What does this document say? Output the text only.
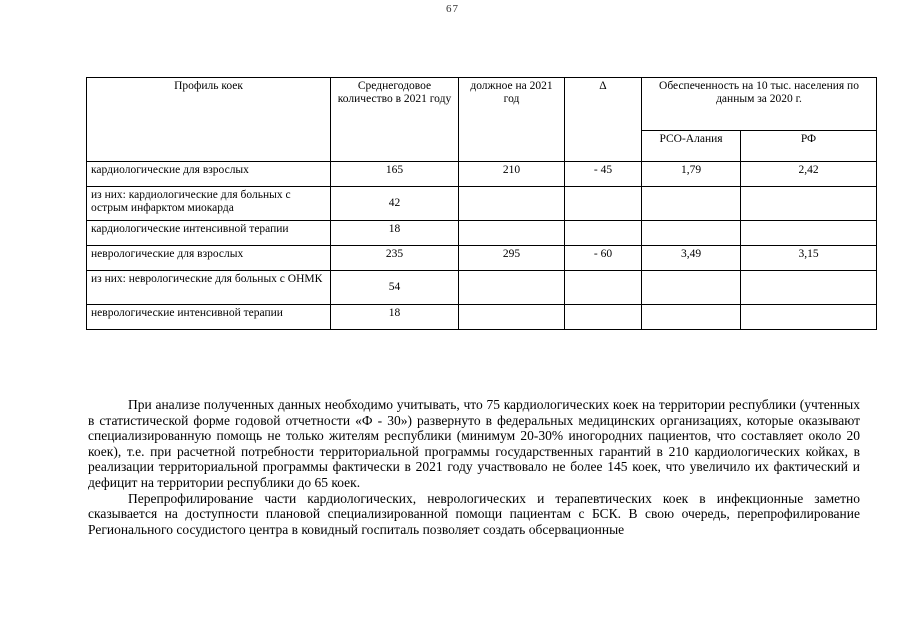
67
Профиль коек	Среднегодовое количество в 2021 году	должное на 2021 год	Δ	Обеспеченность на 10 тыс. населения по данным за 2020 г.	
				РСО-Алания	РФ
кардиологические для взрослых	165	210	- 45	1,79	2,42
из них: кардиологические для больных с острым инфарктом миокарда	42				
кардиологические интенсивной терапии	18				
неврологические для взрослых	235	295	- 60	3,49	3,15
из них: неврологические для больных с ОНМК	54				
неврологические интенсивной терапии	18				

При анализе полученных данных необходимо учитывать, что 75 кардиологических коек на территории республики (учтенных в статистической форме годовой отчетности «Ф - 30») развернуто в федеральных медицинских организациях, которые оказывают специализированную помощь не только жителям республики (минимум 20-30% иногородних пациентов, что составляет около 20 коек), т.е. при расчетной потребности территориальной программы государственных гарантий в 210 кардиологических койках, в реализации территориальной программы фактически в 2021 году участвовало не более 145 коек, что увеличило их фактический и дефицит на территории республики до 65 коек.

Перепрофилирование части кардиологических, неврологических и терапевтических коек в инфекционные заметно сказывается на доступности плановой специализированной помощи пациентам с БСК. В свою очередь, перепрофилирование Регионального сосудистого центра в ковидный госпиталь позволяет создать обсервационные
